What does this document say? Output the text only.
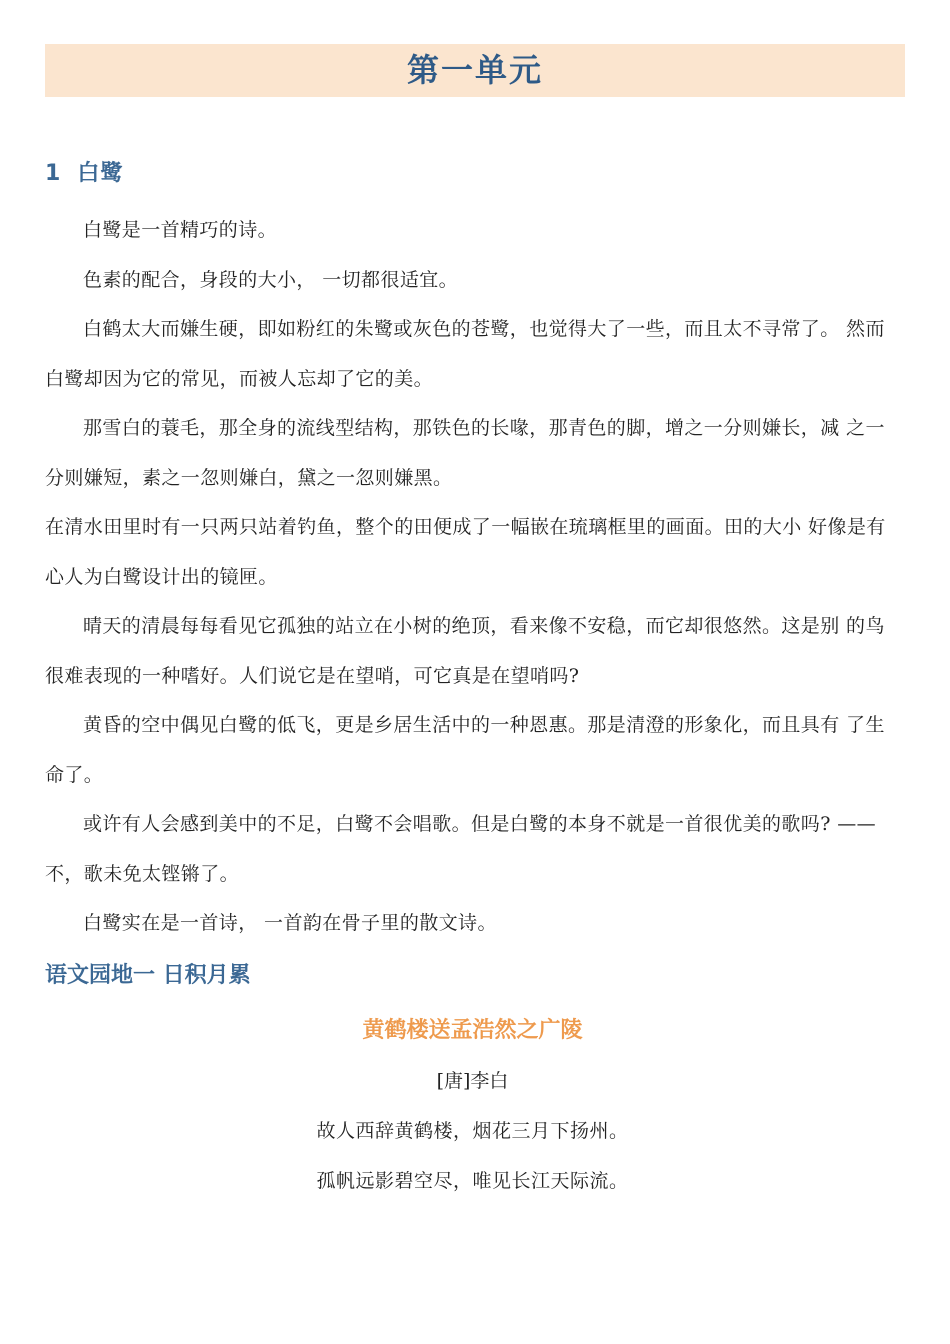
第一单元
1 白鹭

白鹭是一首精巧的诗。

色素的配合，身段的大小， 一切都很适宜。

白鹤太大而嫌生硬，即如粉红的朱鹭或灰色的苍鹭，也觉得大了一些，而且太不寻常了。 然而白鹭却因为它的常见，而被人忘却了它的美。

那雪白的蓑毛，那全身的流线型结构，那铁色的长喙，那青色的脚，增之一分则嫌长，减 之一分则嫌短，素之一忽则嫌白，黛之一忽则嫌黑。

在清水田里时有一只两只站着钓鱼，整个的田便成了一幅嵌在琉璃框里的画面。田的大小 好像是有心人为白鹭设计出的镜匣。

晴天的清晨每每看见它孤独的站立在小树的绝顶，看来像不安稳，而它却很悠然。这是别 的鸟很难表现的一种嗜好。人们说它是在望哨，可它真是在望哨吗?

黄昏的空中偶见白鹭的低飞，更是乡居生活中的一种恩惠。那是清澄的形象化，而且具有 了生命了。

或许有人会感到美中的不足，白鹭不会唱歌。但是白鹭的本身不就是一首很优美的歌吗? ——不，歌未免太铿锵了。

白鹭实在是一首诗， 一首韵在骨子里的散文诗。

语文园地一 日积月累

黄鹤楼送孟浩然之广陵

[唐]李白

故人西辞黄鹤楼，烟花三月下扬州。

孤帆远影碧空尽，唯见长江天际流。
